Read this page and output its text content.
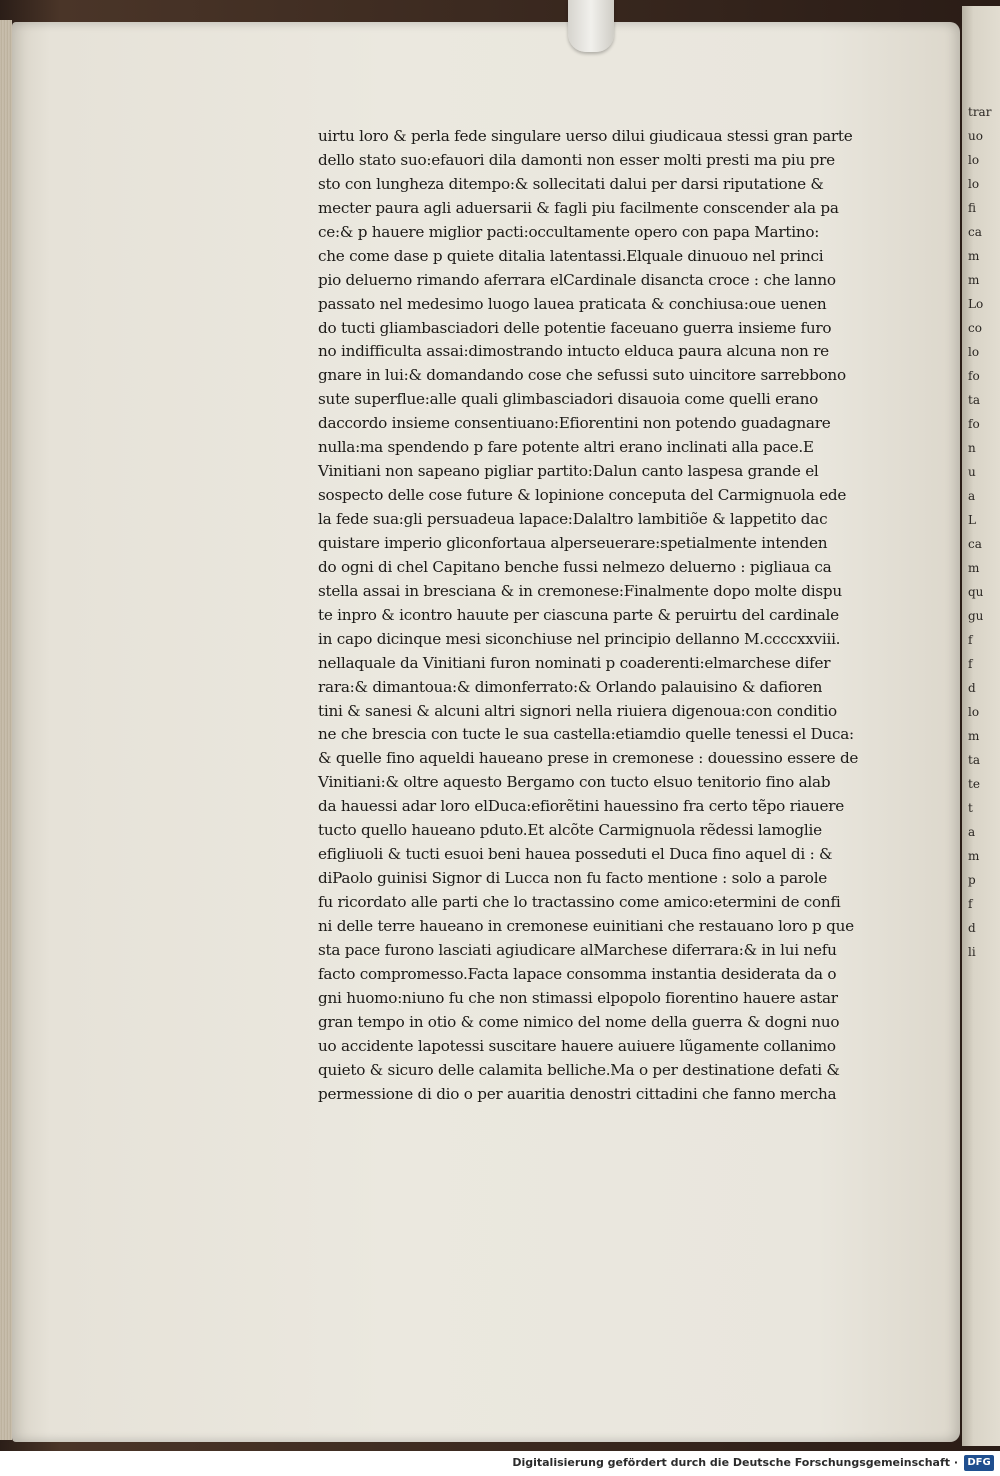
trar
uo
lo
lo
fi
ca
m
m
Lo
co
lo
fo
ta
fo
n
u
a
L
ca
m
qu
gu
f
f
d
lo
m
ta
te
t
a
m
p
f
d
li
uirtu loro & perla fede singulare uerso dilui giudicaua stessi gran parte
dello stato suo:efauori dila damonti non esser molti presti ma piu pre
sto con lungheza ditempo:& sollecitati dalui per darsi riputatione &
mecter paura agli aduersarii & fagli piu facilmente conscender ala pa
ce:& p hauere miglior pacti:occultamente opero con papa Martino:
che come dase p quiete ditalia latentassi.Elquale dinuouo nel princi
pio deluerno rimando aferrara elCardinale disancta croce : che lanno
passato nel medesimo luogo lauea praticata & conchiusa:oue uenen
do tucti gliambasciadori delle potentie faceuano guerra insieme furo
no indifficulta assai:dimostrando intucto elduca paura alcuna non re
gnare in lui:& domandando cose che sefussi suto uincitore sarrebbono
sute superflue:alle quali glimbasciadori disauoia come quelli erano
daccordo insieme consentiuano:Efiorentini non potendo guadagnare
nulla:ma spendendo p fare potente altri erano inclinati alla pace.E
Vinitiani non sapeano pigliar partito:Dalun canto laspesa grande el
sospecto delle cose future & lopinione conceputa del Carmignuola ede
la fede sua:gli persuadeua lapace:Dalaltro lambitiõe & lappetito dac
quistare imperio gliconfortaua alperseuerare:spetialmente intenden
do ogni di chel Capitano benche fussi nelmezo deluerno : pigliaua ca
stella assai in bresciana & in cremonese:Finalmente dopo molte dispu
te inpro & icontro hauute per ciascuna parte & peruirtu del cardinale
in capo dicinque mesi siconchiuse nel principio dellanno M.ccccxxviii.
nellaquale da Vinitiani furon nominati p coaderenti:elmarchese difer
rara:& dimantoua:& dimonferrato:& Orlando palauisino & dafioren
tini & sanesi & alcuni altri signori nella riuiera digenoua:con conditio
ne che brescia con tucte le sua castella:etiamdio quelle tenessi el Duca:
& quelle fino aqueldi haueano prese in cremonese : douessino essere de
Vinitiani:& oltre aquesto Bergamo con tucto elsuo tenitorio fino alab
da hauessi adar loro elDuca:efiorẽtini hauessino fra certo tẽpo riauere
tucto quello haueano pduto.Et alcõte Carmignuola rẽdessi lamoglie
efigliuoli & tucti esuoi beni hauea posseduti el Duca fino aquel di : &
diPaolo guinisi Signor di Lucca non fu facto mentione : solo a parole
fu ricordato alle parti che lo tractassino come amico:etermini de confi
ni delle terre haueano in cremonese euinitiani che restauano loro p que
sta pace furono lasciati agiudicare alMarchese diferrara:& in lui nefu
facto compromesso.Facta lapace consomma instantia desiderata da o
gni huomo:niuno fu che non stimassi elpopolo fiorentino hauere astar
gran tempo in otio & come nimico del nome della guerra & dogni nuo
uo accidente lapotessi suscitare hauere auiuere lũgamente collanimo
quieto & sicuro delle calamita belliche.Ma o per destinatione defati &
permessione di dio o per auaritia denostri cittadini che fanno mercha
Digitalisierung gefördert durch die Deutsche Forschungsgemeinschaft · DFG
